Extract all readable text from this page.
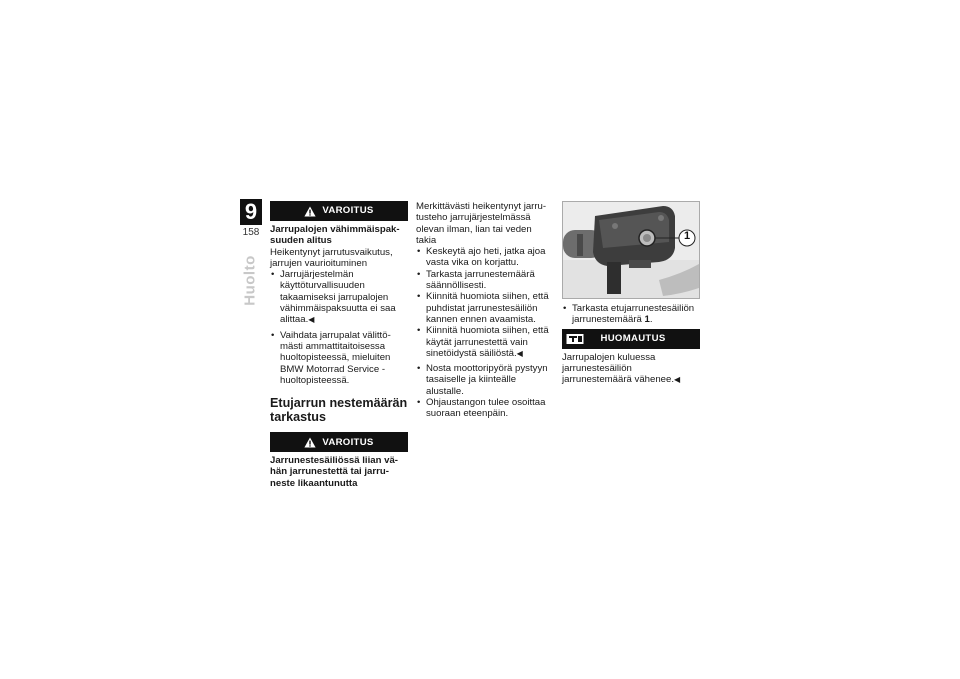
9
158
Huolto
VAROITUS

Jarrupalojen vähimmäispaksuuden alitus

Heikentynyt jarrutusvaikutus, jarrujen vaurioituminen

• Jarrujärjestelmän käyttöturvallisuuden takaamiseksi jarrupalojen vähimmäispaksuutta ei saa alittaa.◀
• Vaihdata jarrupalat välittömästi ammattitaitoisessa huoltopisteessä, mieluiten BMW Motorrad Service -huoltopisteessä.
Etujarrun nestemäärän tarkastus
VAROITUS

Jarrunestesäiliössä liian vähän jarrunestettä tai jarruneste likaantunutta

Merkittävästi heikentynyt jarrutusteho jarrujärjestelmässä olevan ilman, lian tai veden takia

• Keskeytä ajo heti, jatka ajoa vasta vika on korjattu.
• Tarkasta jarrunestemäärä säännöllisesti.
• Kiinnitä huomiota siihen, että puhdistat jarrunestesäiliön kannen ennen avaamista.
• Kiinnitä huomiota siihen, että käytät jarrunestettä vain sinetöidystä säiliöstä.◀
• Nosta moottoripyörä pystyyn tasaiselle ja kiinteälle alustalle.
• Ohjaustangon tulee osoittaa suoraan eteenpäin.
1
• Tarkasta etujarrunestesäiliön jarrunestemäärä 1.
HUOMAUTUS

Jarrupalojen kuluessa jarrunestesäiliön jarrunestemäärä vähenee.◀
